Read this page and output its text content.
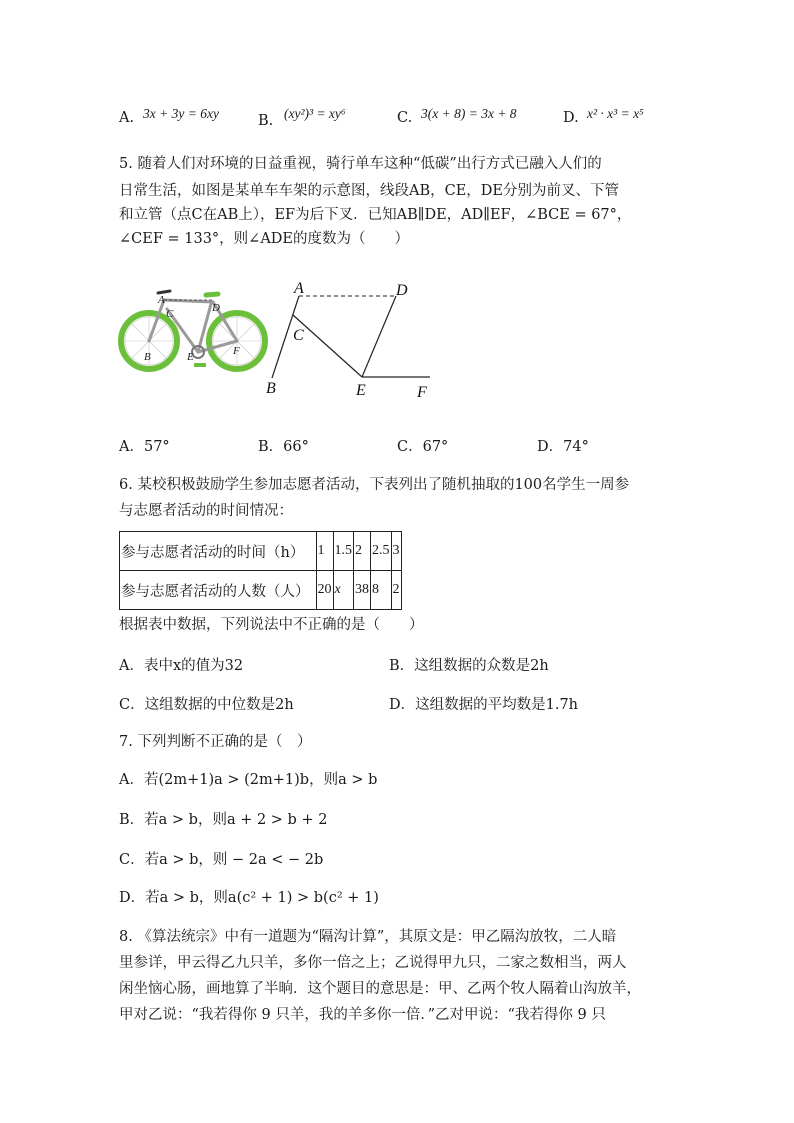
A. 3x + 3y = 6xy	B. (xy²)³ = xy⁶	C. 3(x + 8) = 3x + 8	D. x² · x³ = x⁵
5. 随着人们对环境的日益重视，骑行单车这种“低碳”出行方式已融入人们的
日常生活，如图是某单车车架的示意图，线段AB，CE，DE分别为前叉、下管
和立管（点C在AB上），EF为后下叉．已知AB∥DE，AD∥EF，∠BCE = 67°，
∠CEF = 133°，则∠ADE的度数为（　　）
A
D
C
B	E	F
A	D
C
B	E	F
A．57°	B．66°	C．67°	D．74°
6. 某校积极鼓励学生参加志愿者活动，下表列出了随机抽取的100名学生一周参
与志愿者活动的时间情况：
参与志愿者活动的时间（h）	1	1.5	2	2.5	3
参与志愿者活动的人数（人）	20	x	38	8	2
根据表中数据，下列说法中不正确的是（　　）
A．表中x的值为32	B．这组数据的众数是2h
C．这组数据的中位数是2h	D．这组数据的平均数是1.7h
7. 下列判断不正确的是（　）
A．若(2m+1)a > (2m+1)b，则a > b
B．若a > b，则a + 2 > b + 2
C．若a > b，则 − 2a < − 2b
D．若a > b，则a(c² + 1) > b(c² + 1)
8. 《算法统宗》中有一道题为“隔沟计算”，其原文是：甲乙隔沟放牧，二人暗
里参详，甲云得乙九只羊，多你一倍之上；乙说得甲九只，二家之数相当，两人
闲坐恼心肠，画地算了半晌．这个题目的意思是：甲、乙两个牧人隔着山沟放羊，
甲对乙说：“我若得你 9 只羊，我的羊多你一倍．”乙对甲说：“我若得你 9 只
